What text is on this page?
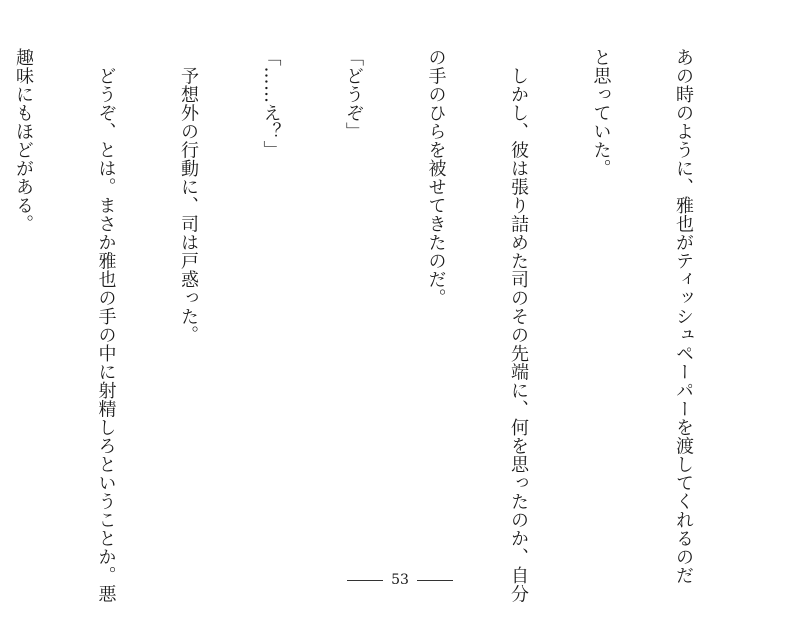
あの時のように、雅也がティッシュペーパーを渡してくれるのだ

と思っていた。

　しかし、彼は張り詰めた司のその先端に、何を思ったのか、自分

の手のひらを被せてきたのだ。

「どうぞ」

「……え？」

　予想外の行動に、司は戸惑った。

　どうぞ、とは。まさか雅也の手の中に射精しろということか。悪

趣味にもほどがある。

53
